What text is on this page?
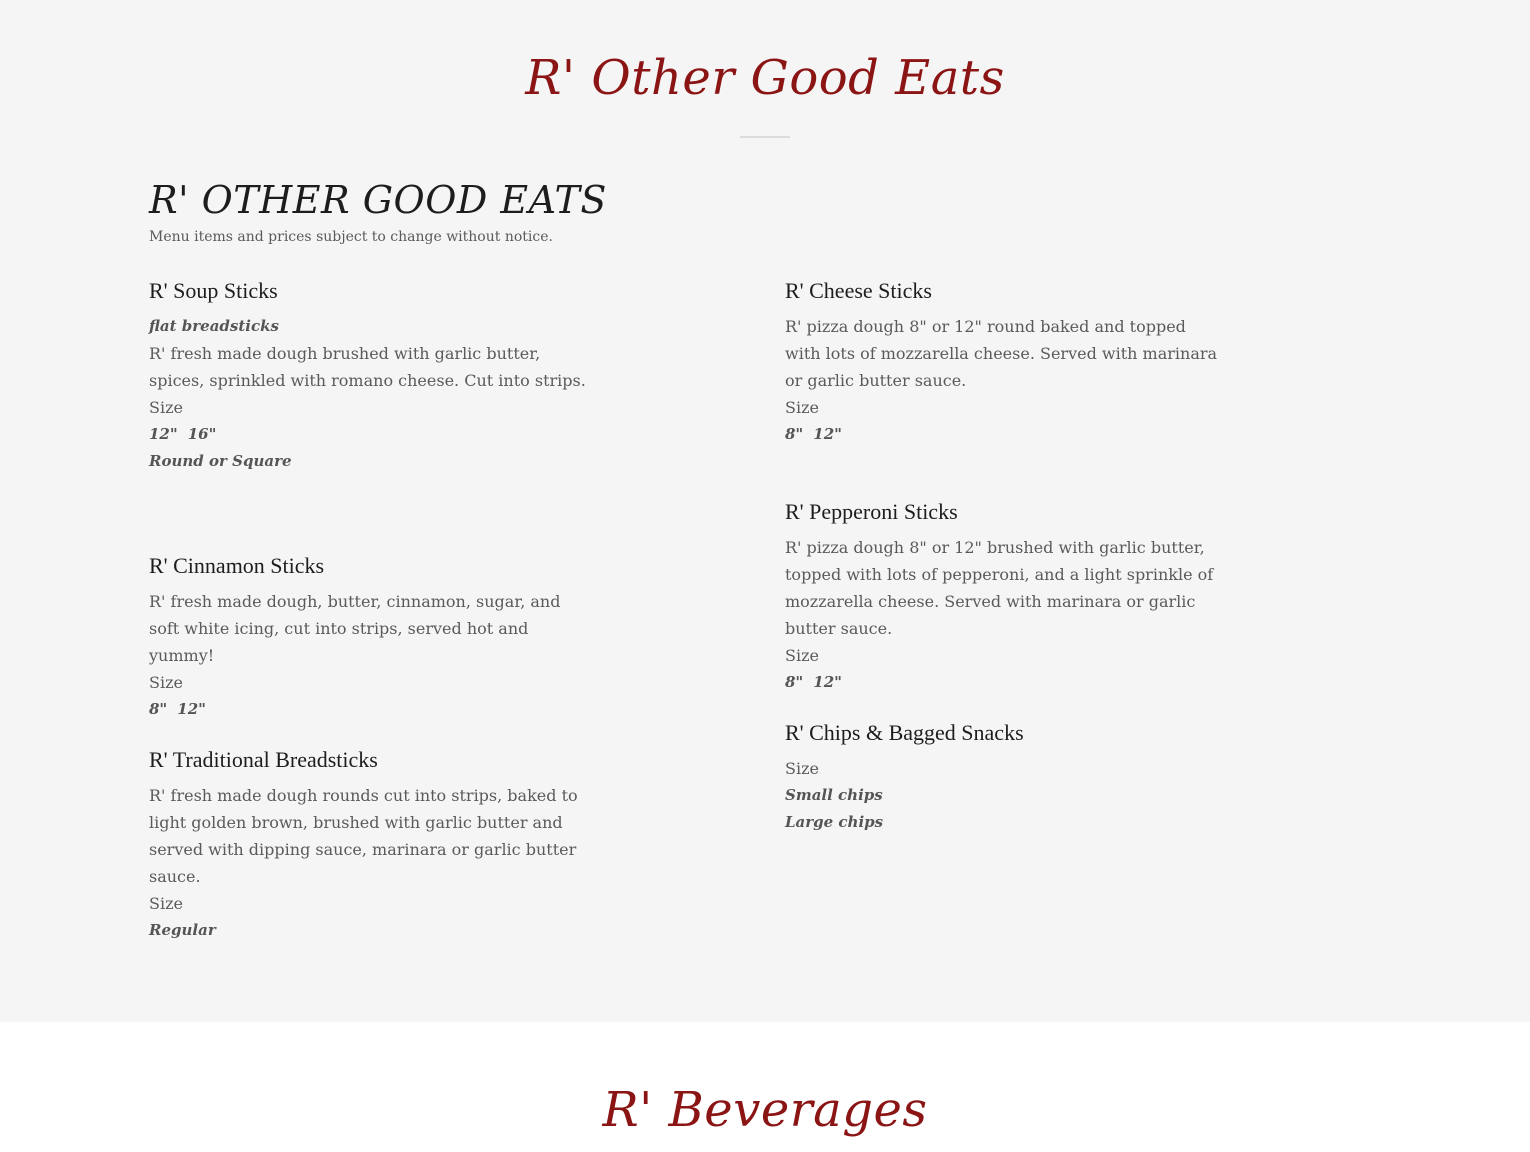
R' Other Good Eats
R' OTHER GOOD EATS
Menu items and prices subject to change without notice.
R' Soup Sticks
flat breadsticks
R' fresh made dough brushed with garlic butter, spices, sprinkled with romano cheese. Cut into strips.
Size
12" 16"
Round or Square
R' Cinnamon Sticks
R' fresh made dough, butter, cinnamon, sugar, and soft white icing, cut into strips, served hot and yummy!
Size
8" 12"
R' Traditional Breadsticks
R' fresh made dough rounds cut into strips, baked to light golden brown, brushed with garlic butter and served with dipping sauce, marinara or garlic butter sauce.
Size
Regular
R' Cheese Sticks
R' pizza dough 8" or 12" round baked and topped with lots of mozzarella cheese. Served with marinara or garlic butter sauce.
Size
8" 12"
R' Pepperoni Sticks
R' pizza dough 8" or 12" brushed with garlic butter, topped with lots of pepperoni, and a light sprinkle of mozzarella cheese. Served with marinara or garlic butter sauce.
Size
8" 12"
R' Chips & Bagged Snacks
Size
Small chips
Large chips
R' Beverages
